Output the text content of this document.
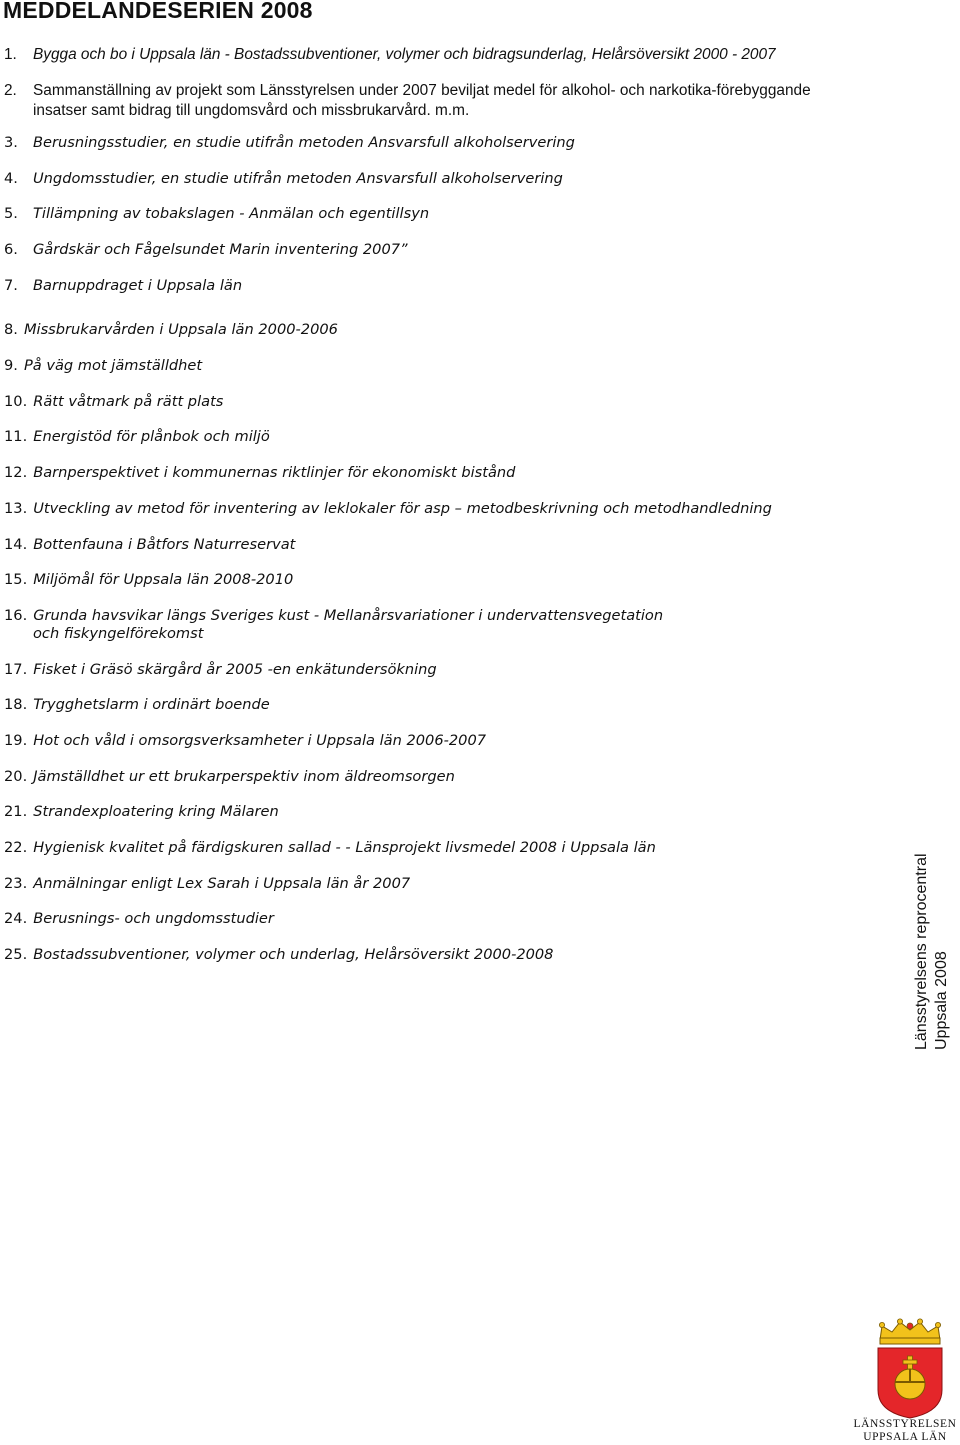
MEDDELANDESERIEN 2008
1. Bygga och bo i Uppsala län - Bostadssubventioner, volymer och bidragsunderlag, Helårsöversikt 2000 - 2007
2. Sammanställning av projekt som Länsstyrelsen under 2007 beviljat medel för alkohol- och narkotika-förebyggande
insatser samt bidrag till ungdomsvård och missbrukarvård. m.m.
3. Berusningsstudier, en studie utifrån metoden Ansvarsfull alkoholservering
4. Ungdomsstudier, en studie utifrån metoden Ansvarsfull alkoholservering
5. Tillämpning av tobakslagen - Anmälan och egentillsyn
6. Gårdskär och Fågelsundet Marin inventering 2007”
7. Barnuppdraget i Uppsala län
8. Missbrukarvården i Uppsala län 2000-2006
9. På väg mot jämställdhet
10. Rätt våtmark på rätt plats
11. Energistöd för plånbok och miljö
12. Barnperspektivet i kommunernas riktlinjer för ekonomiskt bistånd
13. Utveckling av metod för inventering av leklokaler för asp – metodbeskrivning och metodhandledning
14. Bottenfauna i Båtfors Naturreservat
15. Miljömål för Uppsala län 2008-2010
16. Grunda havsvikar längs Sveriges kust - Mellanårsvariationer i undervattensvegetation
och fiskyngelförekomst
17. Fisket i Gräsö skärgård år 2005 -en enkätundersökning
18. Trygghetslarm i ordinärt boende
19. Hot och våld i omsorgsverksamheter i Uppsala län 2006-2007
20. Jämställdhet ur ett brukarperspektiv inom äldreomsorgen
21. Strandexploatering kring Mälaren
22. Hygienisk kvalitet på färdigskuren sallad - - Länsprojekt livsmedel 2008 i Uppsala län
23. Anmälningar enligt Lex Sarah i Uppsala län år 2007
24. Berusnings- och ungdomsstudier
25. Bostadssubventioner, volymer och underlag, Helårsöversikt 2000-2008	Länsstyrelsens reprocentral Uppsala 2008
LÄNSSTYRELSEN
UPPSALA LÄN
